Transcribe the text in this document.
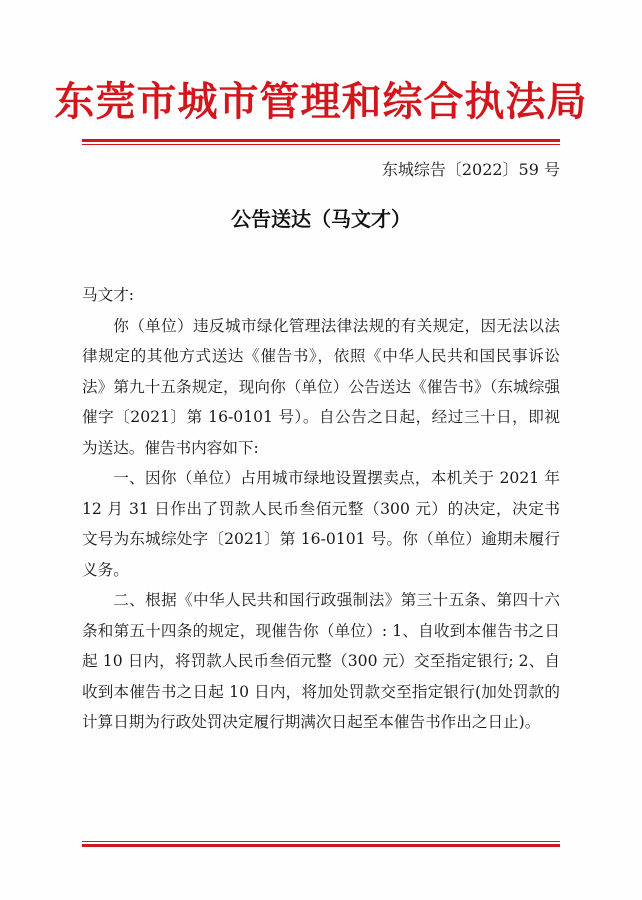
东莞市城市管理和综合执法局
东城综告〔2022〕59 号
公告送达（马文才）

马文才:

你（单位）违反城市绿化管理法律法规的有关规定，因无法以法律规定的其他方式送达《催告书》，依照《中华人民共和国民事诉讼法》第九十五条规定，现向你（单位）公告送达《催告书》（东城综强催字〔2021〕第 16-0101 号）。自公告之日起，经过三十日，即视为送达。催告书内容如下:

一、因你（单位）占用城市绿地设置摆卖点，本机关于 2021 年 12 月 31 日作出了罚款人民币叁佰元整（300 元）的决定，决定书文号为东城综处字〔2021〕第 16-0101 号。你（单位）逾期未履行义务。

二、根据《中华人民共和国行政强制法》第三十五条、第四十六条和第五十四条的规定，现催告你（单位）: 1、自收到本催告书之日起 10 日内，将罚款人民币叁佰元整（300 元）交至指定银行; 2、自收到本催告书之日起 10 日内，将加处罚款交至指定银行(加处罚款的计算日期为行政处罚决定履行期满次日起至本催告书作出之日止)。
